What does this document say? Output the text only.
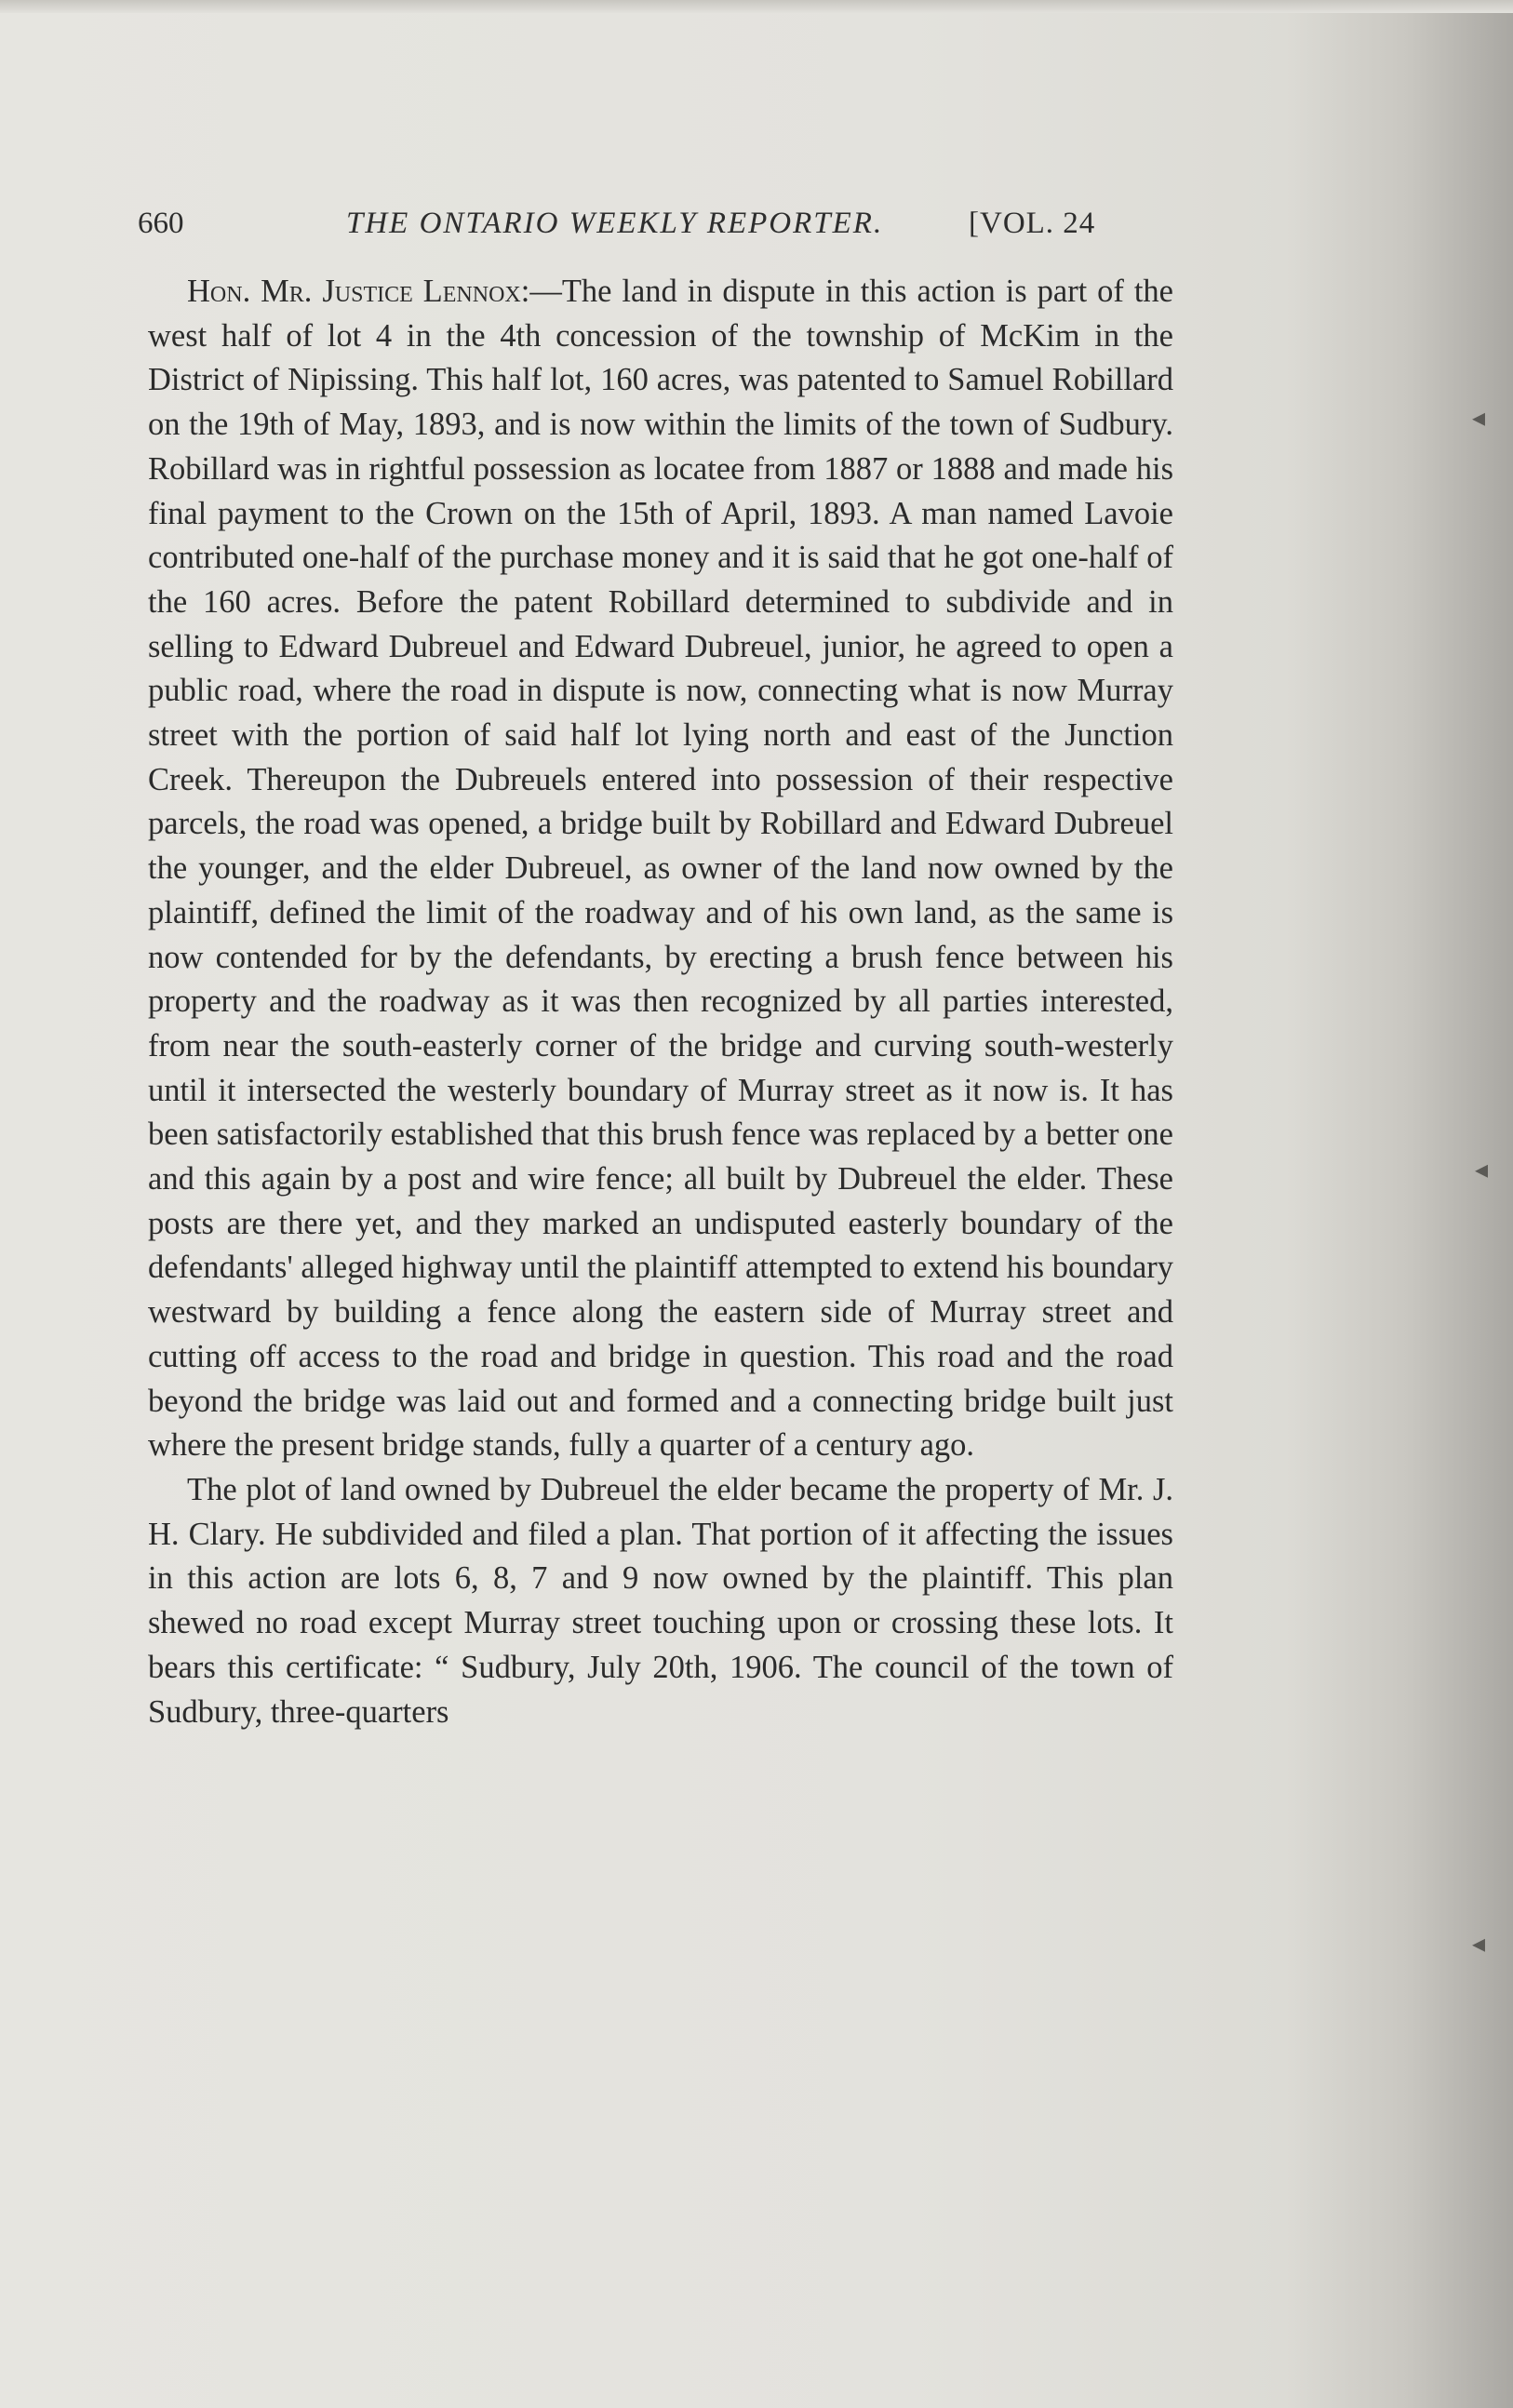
660	THE ONTARIO WEEKLY REPORTER.	[VOL. 24

Hon. Mr. Justice Lennox:—The land in dispute in this action is part of the west half of lot 4 in the 4th concession of the township of McKim in the District of Nipissing. This half lot, 160 acres, was patented to Samuel Robillard on the 19th of May, 1893, and is now within the limits of the town of Sudbury. Robillard was in rightful possession as locatee from 1887 or 1888 and made his final payment to the Crown on the 15th of April, 1893. A man named Lavoie contributed one-half of the purchase money and it is said that he got one-half of the 160 acres. Before the patent Robillard determined to subdivide and in selling to Edward Dubreuel and Edward Dubreuel, junior, he agreed to open a public road, where the road in dispute is now, connecting what is now Murray street with the portion of said half lot lying north and east of the Junction Creek. Thereupon the Dubreuels entered into possession of their respective parcels, the road was opened, a bridge built by Robillard and Edward Dubreuel the younger, and the elder Dubreuel, as owner of the land now owned by the plaintiff, defined the limit of the roadway and of his own land, as the same is now contended for by the defendants, by erecting a brush fence between his property and the roadway as it was then recognized by all parties interested, from near the south-easterly corner of the bridge and curving south-westerly until it intersected the westerly boundary of Murray street as it now is. It has been satisfactorily established that this brush fence was replaced by a better one and this again by a post and wire fence; all built by Dubreuel the elder. These posts are there yet, and they marked an undisputed easterly boundary of the defendants' alleged highway until the plaintiff attempted to extend his boundary westward by building a fence along the eastern side of Murray street and cutting off access to the road and bridge in question. This road and the road beyond the bridge was laid out and formed and a connecting bridge built just where the present bridge stands, fully a quarter of a century ago.

The plot of land owned by Dubreuel the elder became the property of Mr. J. H. Clary. He subdivided and filed a plan. That portion of it affecting the issues in this action are lots 6, 8, 7 and 9 now owned by the plaintiff. This plan shewed no road except Murray street touching upon or crossing these lots. It bears this certificate: “ Sudbury, July 20th, 1906. The council of the town of Sudbury, three-quarters

◂
◂
◂
